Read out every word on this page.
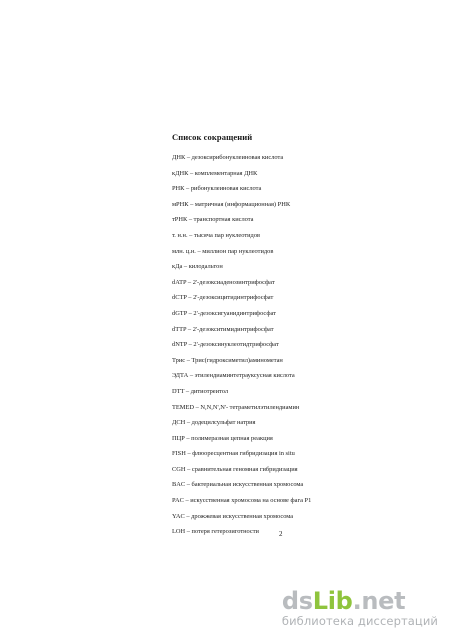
Список сокращений
ДНК – дезоксирибонуклеиновая кислота
кДНК – комплементарная ДНК
РНК – рибонуклеиновая кислота
мРНК – матричная (информационная) РНК
тРНК – транспортная кислота
т. н.н. – тысяча пар нуклеотидов
млн. ц.н. – миллион пар нуклеотидов
кДа – килодальтон
dATP – 2'-дезоксиаденозинтрифосфат
dCTP – 2'-дезоксицитидинтрифосфат
dGTP – 2'-дезоксигуанидинтрифосфат
dTTP – 2'-дезокситимидинтрифосфат
dNTP – 2'-дезоксинуклеотидтрифосфат
Трис – Трис(гидроксиметил)аминометан
ЭДТА – этилендиаминтетрауксусная кислота
DTT – дитиотреитол
TEMED – N,N,N',N'- тетраметилэтилендиамин
ДСН – додецилсульфат натрия
ПЦР – полимеразная цепная реакция
FISH – флюоресцентная гибридизация in situ
CGH – сравнительная геномная гибридизация
BAC – бактериальная искусственная хромосома
PAC – искусственная хромосома на основе фага P1
YAC – дрожжевая искусственная хромосома
LOH – потеря гетерозиготности	2
dsLib.net
библиотека диссертаций
